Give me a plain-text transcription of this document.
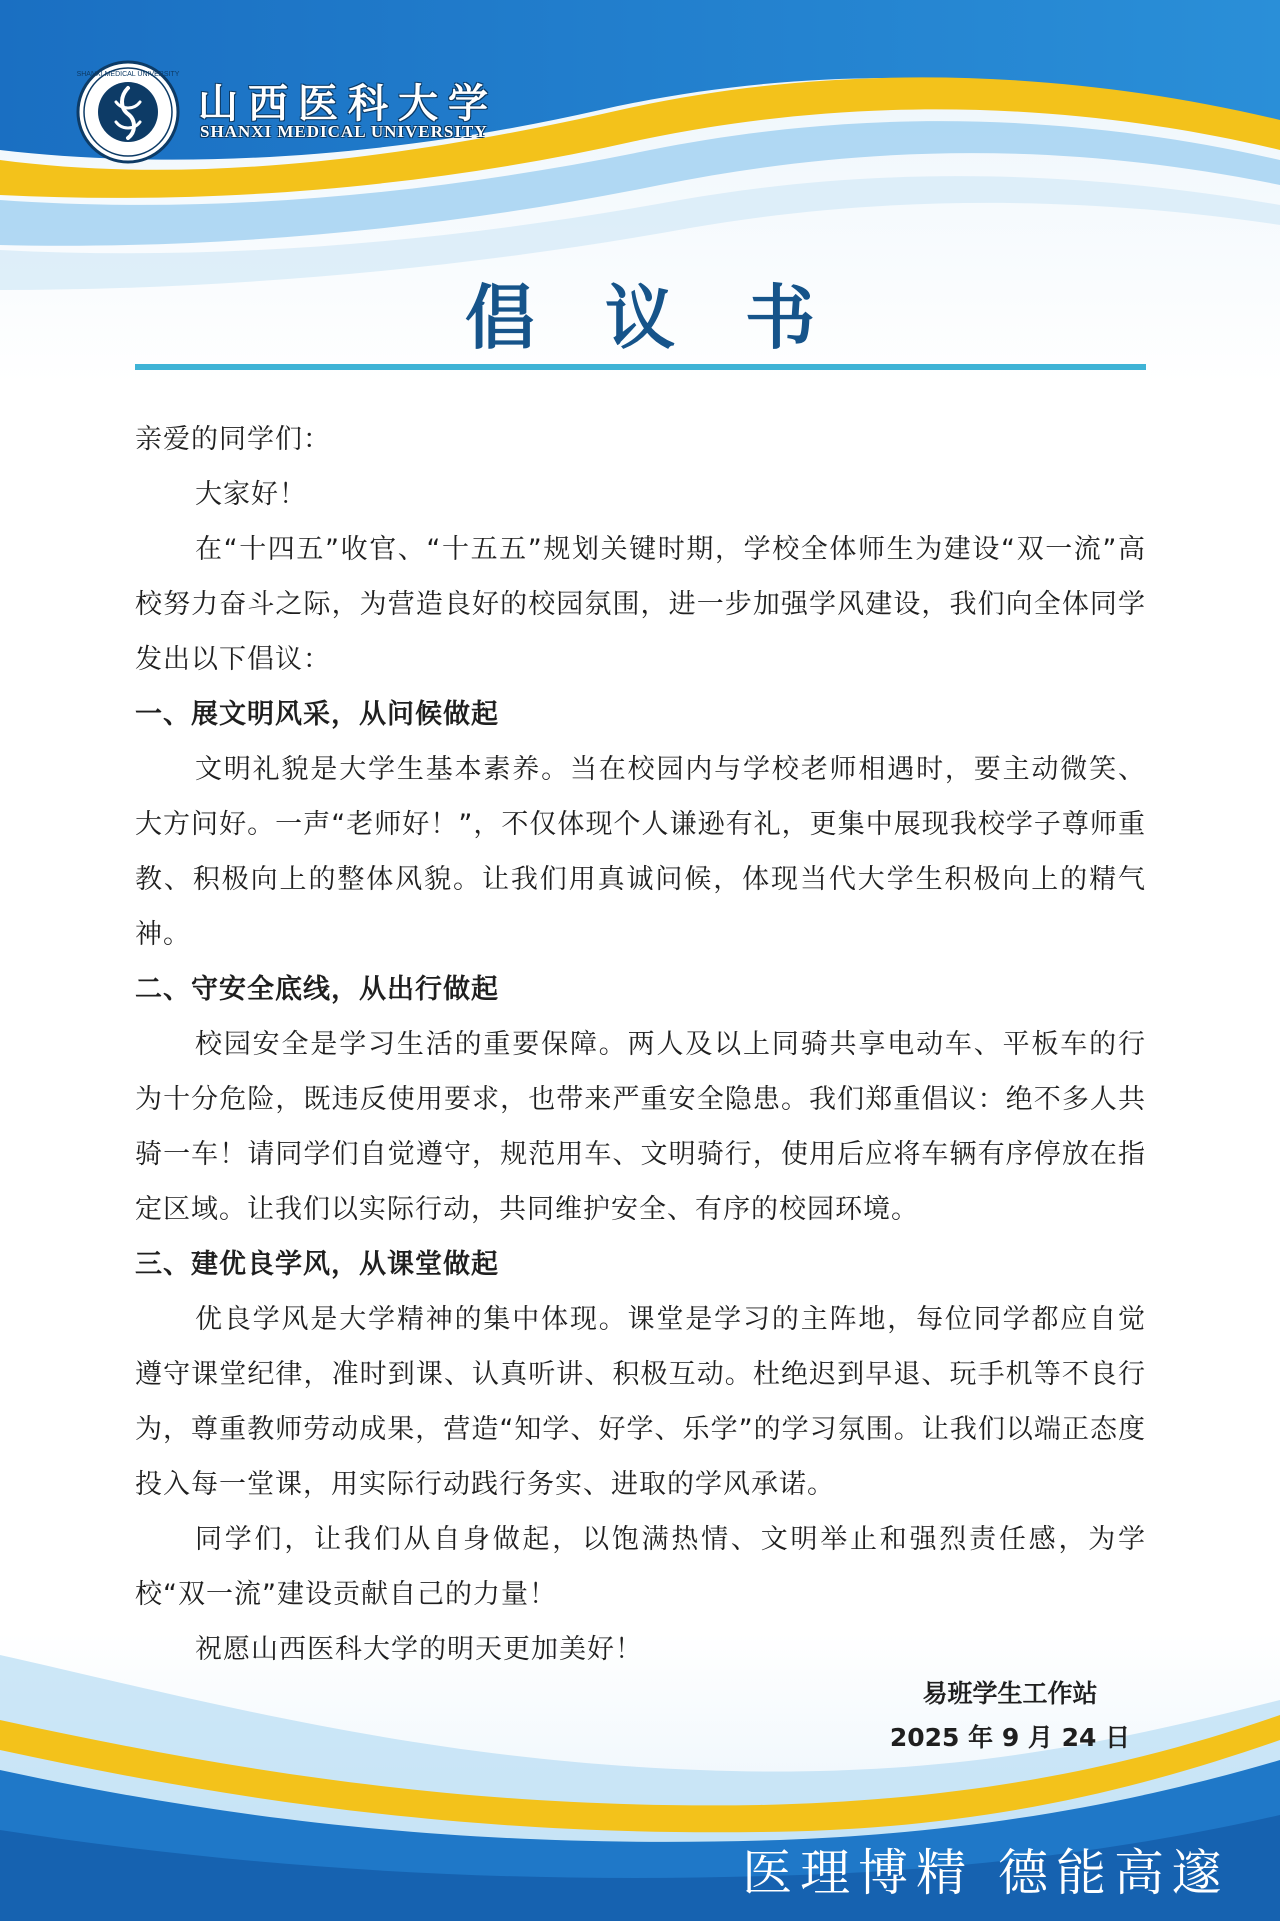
SHANXI MEDICAL UNIVERSITY
山西医科大学
SHANXI MEDICAL UNIVERSITY
倡议书

亲爱的同学们：

大家好！

在“十四五”收官、“十五五”规划关键时期，学校全体师生为建设“双一流”高校努力奋斗之际，为营造良好的校园氛围，进一步加强学风建设，我们向全体同学发出以下倡议：

一、展文明风采，从问候做起

文明礼貌是大学生基本素养。当在校园内与学校老师相遇时，要主动微笑、大方问好。一声“老师好！”，不仅体现个人谦逊有礼，更集中展现我校学子尊师重教、积极向上的整体风貌。让我们用真诚问候，体现当代大学生积极向上的精气神。

二、守安全底线，从出行做起

校园安全是学习生活的重要保障。两人及以上同骑共享电动车、平板车的行为十分危险，既违反使用要求，也带来严重安全隐患。我们郑重倡议：绝不多人共骑一车！请同学们自觉遵守，规范用车、文明骑行，使用后应将车辆有序停放在指定区域。让我们以实际行动，共同维护安全、有序的校园环境。

三、建优良学风，从课堂做起

优良学风是大学精神的集中体现。课堂是学习的主阵地，每位同学都应自觉遵守课堂纪律，准时到课、认真听讲、积极互动。杜绝迟到早退、玩手机等不良行为，尊重教师劳动成果，营造“知学、好学、乐学”的学习氛围。让我们以端正态度投入每一堂课，用实际行动践行务实、进取的学风承诺。

同学们，让我们从自身做起，以饱满热情、文明举止和强烈责任感，为学校“双一流”建设贡献自己的力量！

祝愿山西医科大学的明天更加美好！

易班学生工作站
2025 年 9 月 24 日
医理博精 德能高邃
